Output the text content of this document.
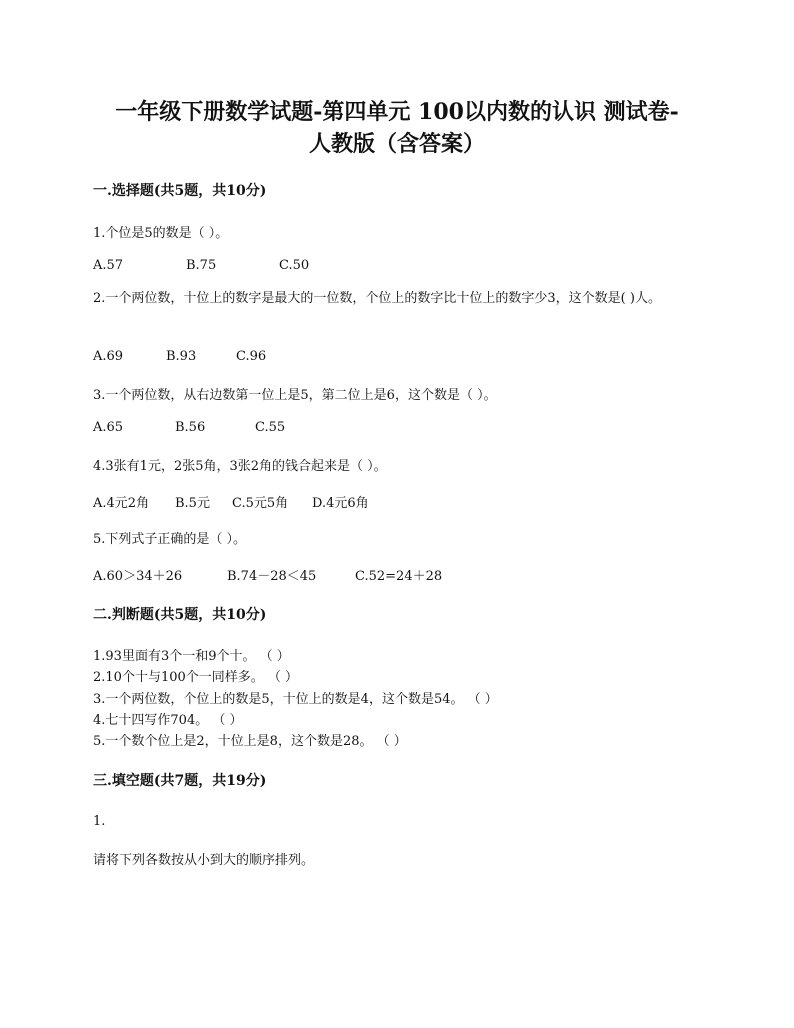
一年级下册数学试题-第四单元 100以内数的认识 测试卷-
人教版（含答案）
一.选择题(共5题，共10分)
1.个位是5的数是（ ）。
A.57	B.75	C.50
2.一个两位数，十位上的数字是最大的一位数，个位上的数字比十位上的数字少3，这个数是( )人。
A.69	B.93	C.96
3.一个两位数，从右边数第一位上是5，第二位上是6，这个数是（ ）。
A.65	B.56	C.55
4.3张有1元，2张5角，3张2角的钱合起来是（ ）。
A.4元2角 B.5元 C.5元5角 D.4元6角
5.下列式子正确的是（ ）。
A.60＞34＋26	B.74－28＜45	C.52=24＋28
二.判断题(共5题，共10分)
1.93里面有3个一和9个十。 （ ）
2.10个十与100个一同样多。 （ ）
3.一个两位数，个位上的数是5，十位上的数是4，这个数是54。 （ ）
4.七十四写作704。 （ ）
5.一个数个位上是2，十位上是8，这个数是28。 （ ）
三.填空题(共7题，共19分)
1.
请将下列各数按从小到大的顺序排列。
